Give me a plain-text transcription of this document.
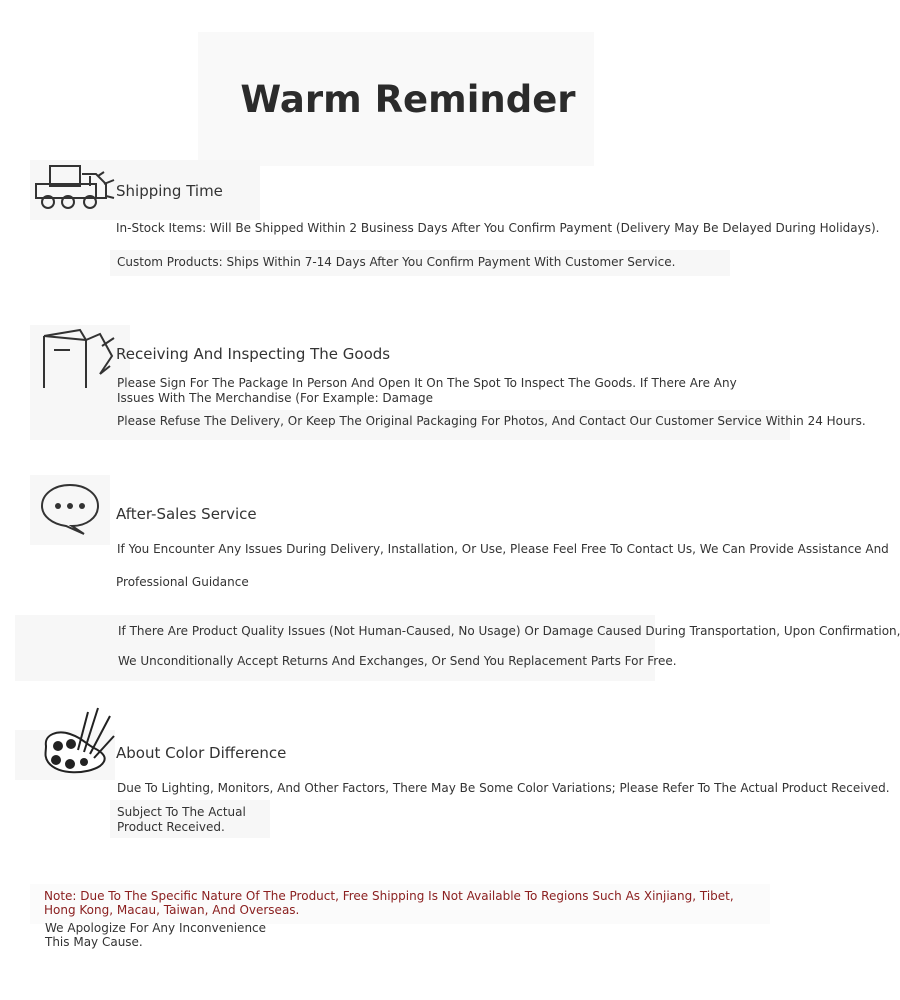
Warm Reminder
Shipping Time
In-Stock Items: Will Be Shipped Within 2 Business Days After You Confirm Payment (Delivery May Be Delayed During Holidays).
Custom Products: Ships Within 7-14 Days After You Confirm Payment With Customer Service.
Receiving And Inspecting The Goods
Please Sign For The Package In Person And Open It On The Spot To Inspect The Goods. If There Are Any Issues With The Merchandise (For Example: Damage
Please Refuse The Delivery, Or Keep The Original Packaging For Photos, And Contact Our Customer Service Within 24 Hours.
After-Sales Service
If You Encounter Any Issues During Delivery, Installation, Or Use, Please Feel Free To Contact Us, We Can Provide Assistance And
Professional Guidance
If There Are Product Quality Issues (Not Human-Caused, No Usage) Or Damage Caused During Transportation, Upon Confirmation,
We Unconditionally Accept Returns And Exchanges, Or Send You Replacement Parts For Free.
About Color Difference
Due To Lighting, Monitors, And Other Factors, There May Be Some Color Variations; Please Refer To The Actual Product Received.
Subject To The Actual Product Received.
Note: Due To The Specific Nature Of The Product, Free Shipping Is Not Available To Regions Such As Xinjiang, Tibet, Hong Kong, Macau, Taiwan, And Overseas.
We Apologize For Any Inconvenience This May Cause.
